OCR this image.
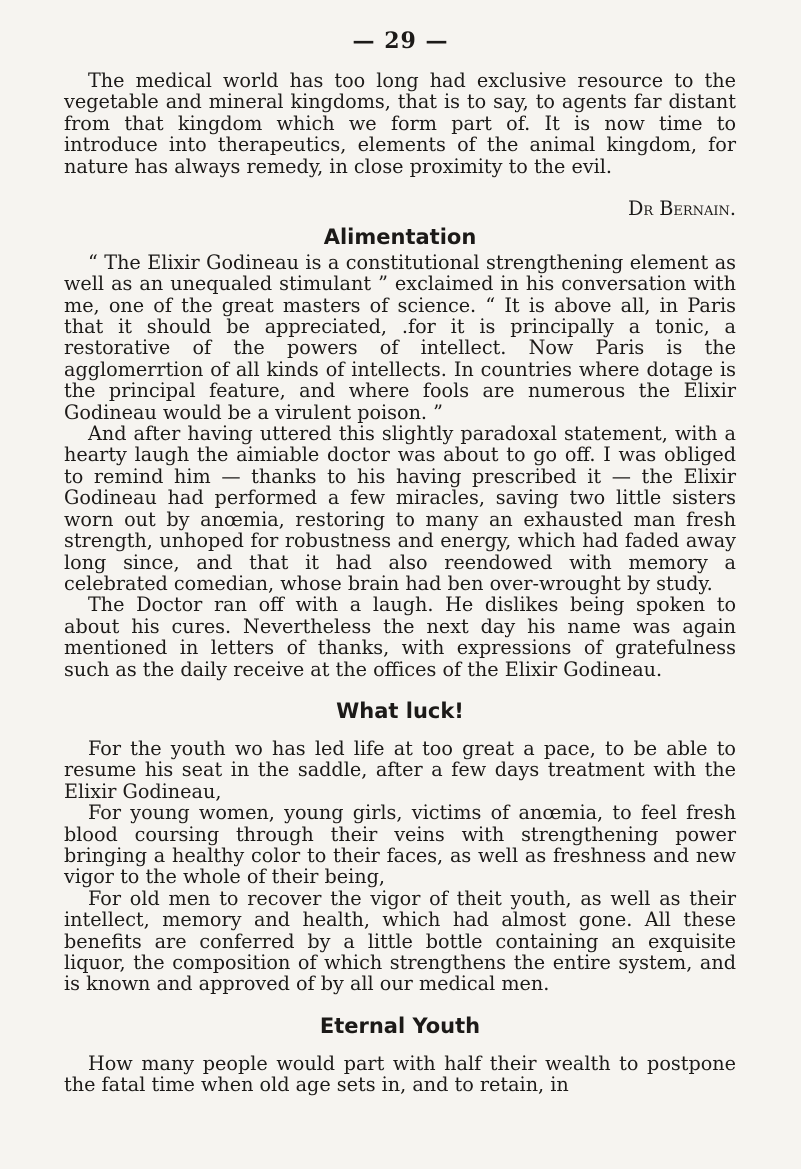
— 29 —

The medical world has too long had exclusive resource to the vegetable and mineral kingdoms, that is to say, to agents far distant from that kingdom which we form part of. It is now time to introduce into therapeutics, elements of the animal kingdom, for nature has always remedy, in close proximity to the evil.

Dr Bernain.

Alimentation

“ The Elixir Godineau is a constitutional strengthening element as well as an unequaled stimulant ” exclaimed in his conversation with me, one of the great masters of science. “ It is above all, in Paris that it should be appreciated, .for it is principally a tonic, a restorative of the powers of intellect. Now Paris is the agglomerrtion of all kinds of intellects. In countries where dotage is the principal feature, and where fools are numerous the Elixir Godineau would be a virulent poison. ”

And after having uttered this slightly paradoxal statement, with a hearty laugh the aimiable doctor was about to go off. I was obliged to remind him — thanks to his having prescribed it — the Elixir Godineau had performed a few miracles, saving two little sisters worn out by anœmia, restoring to many an exhausted man fresh strength, unhoped for robustness and energy, which had faded away long since, and that it had also reendowed with memory a celebrated comedian, whose brain had ben over-wrought by study.

The Doctor ran off with a laugh. He dislikes being spoken to about his cures. Nevertheless the next day his name was again mentioned in letters of thanks, with expressions of gratefulness such as the daily receive at the offices of the Elixir Godineau.

What luck!

For the youth wo has led life at too great a pace, to be able to resume his seat in the saddle, after a few days treatment with the Elixir Godineau,

For young women, young girls, victims of anœmia, to feel fresh blood coursing through their veins with strengthening power bringing a healthy color to their faces, as well as freshness and new vigor to the whole of their being,

For old men to recover the vigor of theit youth, as well as their intellect, memory and health, which had almost gone. All these benefits are conferred by a little bottle containing an exquisite liquor, the composition of which strengthens the entire system, and is known and approved of by all our medical men.

Eternal Youth

How many people would part with half their wealth to postpone the fatal time when old age sets in, and to retain, in
